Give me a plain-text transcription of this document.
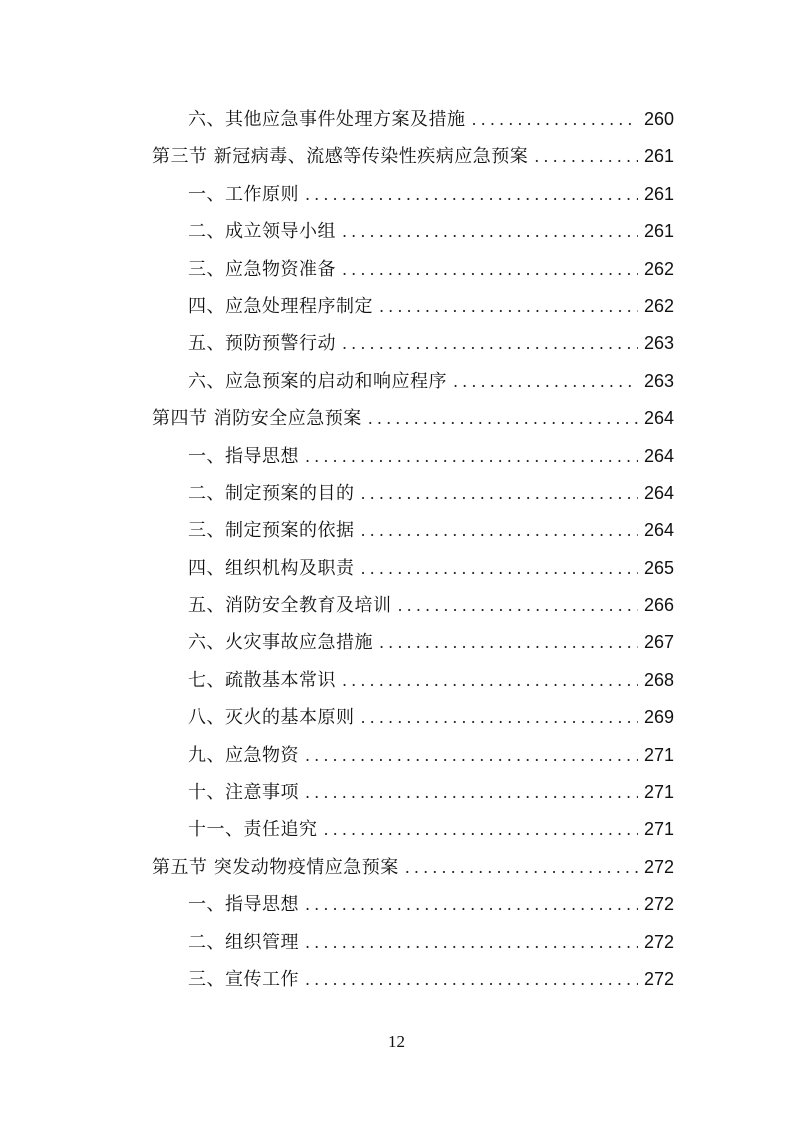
六、其他应急事件处理方案及措施 . . .	260
第三节 新冠病毒、流感等传染性疾病应急预案 . . .	261
一、工作原则 . . .	261
二、成立领导小组 . . .	261
三、应急物资准备 . . .	262
四、应急处理程序制定 . . .	262
五、预防预警行动 . . .	263
六、应急预案的启动和响应程序 . . .	263
第四节 消防安全应急预案 . . .	264
一、指导思想 . . .	264
二、制定预案的目的 . . .	264
三、制定预案的依据 . . .	264
四、组织机构及职责 . . .	265
五、消防安全教育及培训 . . .	266
六、火灾事故应急措施 . . .	267
七、疏散基本常识 . . .	268
八、灭火的基本原则 . . .	269
九、应急物资 . . .	271
十、注意事项 . . .	271
十一、责任追究 . . .	271
第五节 突发动物疫情应急预案 . . .	272
一、指导思想 . . .	272
二、组织管理 . . .	272
三、宣传工作 . . .	272
12
